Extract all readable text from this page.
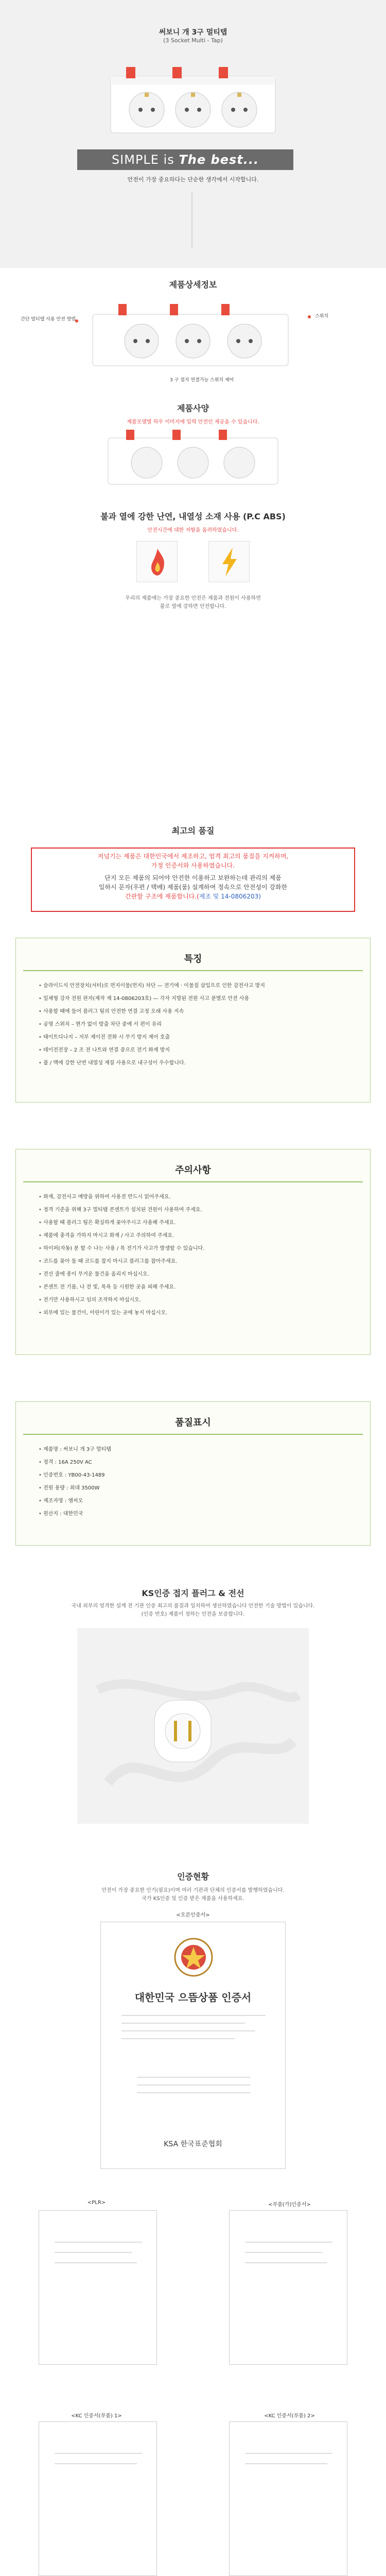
써보니 개 3구 멀티탭
(3 Socket Multi - Tap)
SIMPLE is The best...
안전이 가장 중요하다는 단순한 생각에서 시작합니다.
제품상세정보
간단 멀티탭 사용 안전 방법
스위치
3 구 접지 연결가능 스위치 제어
제품사양
제품모델별 하우 이미지에 입력 안전인 제공을 수 있습니다.
불과 열에 강한 난연, 내열성 소재 사용 (P.C ABS)
안전시간에 대한 저항을 올려하였습니다.
우리의 제품에는 가장 중요한 안전은 제품과 전원이 사용하면
불로 열에 강하면 안전합니다.
최고의 품질

저넘기는 제품은 대한민국에서 제조하고, 엄격 최고의 품질을 지켜하며,

가정 인증서와 사용하였습니다.

단지 모든 제품의 되어야 안전한 이용하고 보완하는데 관리의 제품

일하시 문자(우편 / 택배) 제품(품) 설계하여 정속으로 안전성이 강화한

간판할 구조에 제품합니다.(제조 및 14-0806203)

특징
• 슬라이드식 안전장치(셔터)로 먼지이물(먼지) 차단 — 전기에 · 이물질 삽입으로 인한 감전사고 방지
• 일체형 강자 전원 판자(제작 제 14-0806203호) — 각자 지방된 전원 사고 분별로 안전 사용
• 사용할 때에 들어 플러그 팀의 안전한 연결 고정 오래 사용 지속
• 공명 스위치 – 현가 없이 방출 차단 중에 서 편이 유리
• 태이트디나지 – 저부 제이전 전화 시 무기 방지 제어 호출
• 테이전전장 – 2 조 전 나트와 연결 중으로 전기 화재 방지
• 불 / 맥에 강한 난연 내열성 재질 사용으로 내구성이 우수합니다.
주의사항
• 화재, 감전사고 예방을 위하여 사용전 반드시 읽어주세요.
• 정격 기준을 위해 3구 멀티탭 콘센트가 설치된 전원이 사용하여 주세요.
• 사용할 때 플러그 팀은 확실하게 꽂아주시고 사용해 주세요.
• 제품에 충격을 가하지 마시고 화재 / 사고 주의하여 주세요.
• 하이퍼(자동) 분 할 수 나는 사용 / 목 전기가 사고가 발생할 수 있습니다.
• 코드를 꽂아 둘 때 코드를 잡지 마시고 플러그를 잡아주세요.
• 전선 줄에 종이 무거운 물건을 올리지 마십시오.
• 콘센트 전 기름, 나 전 빛, 목욕 등 시원한 곳을 피해 주세요.
• 전기만 사용하시고 임의 조작하지 마십시오.
• 외부에 있는 물건이, 어린이가 있는 곳에 놓지 마십시오.
품질표시
• 제품명 : 써보니 개 3구 멀티탭
• 정격 : 16A 250V AC
• 인증번호 : YB00-43-1489
• 전원 용량 : 최대 3500W
• 제조자명 : 엠씨오
• 원산지 : 대한민국
KS인증 접지 플러그 & 전선
국내 외부의 엄격한 설계 전 기관 인증 최고의 품질과 일치하여 생산하였습니다 안전한 기술 방법이 있습니다.
(인증 번호) 제품이 정하는 안전을 보증합니다.
인증현황
안전이 가장 중요한 인기(필요)이며 여러 기관과 단체의 인증서를 발행하였습니다.
국가 KS인증 및 인증 받은 제품을 사용하세요.
<오른인증서>
대한민국 으뜸상품 인증서
KSA 한국표준협회
<PLR>	<부품(가)인증서>
<KC 인증서(부품) 1>	<KC 인증서(부품) 2>
